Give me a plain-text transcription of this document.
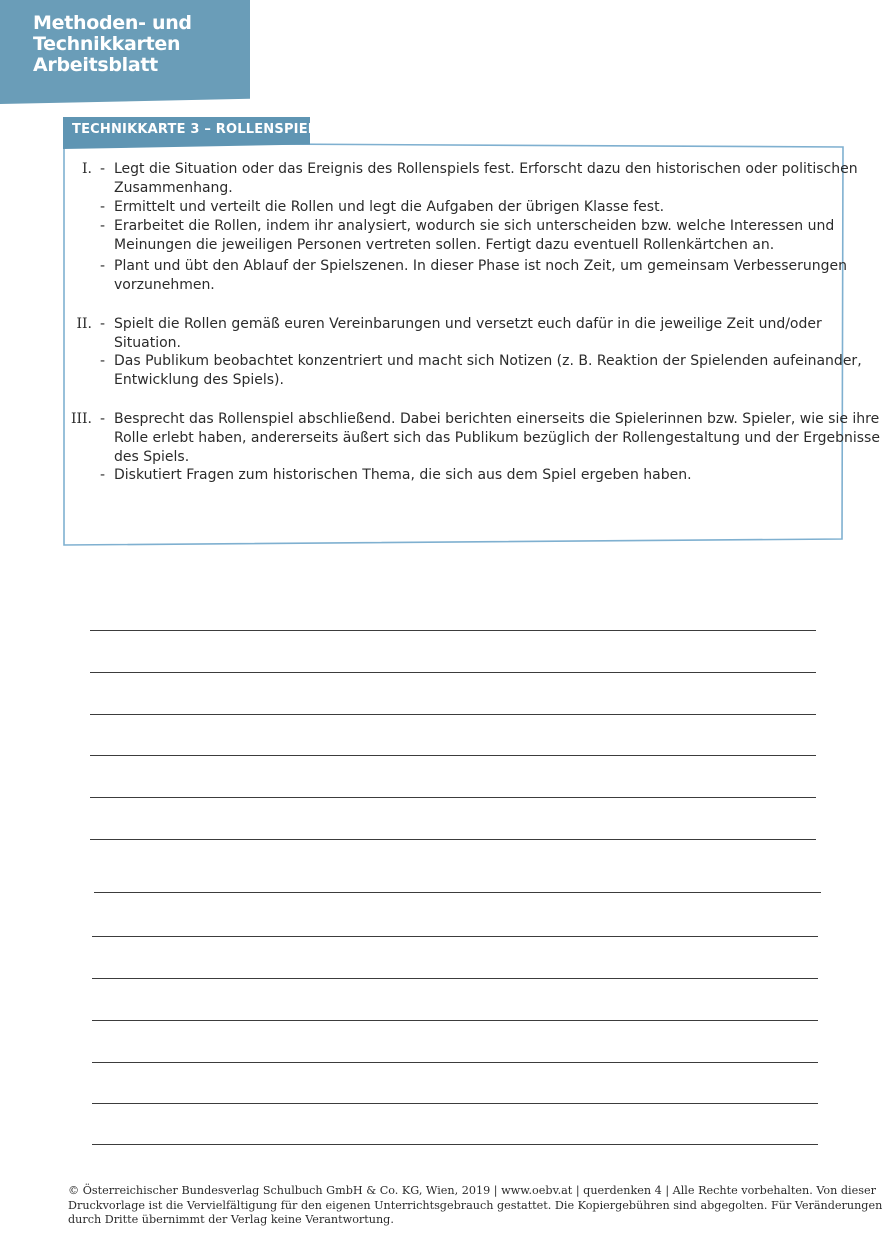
Methoden- und
Technikkarten
Arbeitsblatt
TECHNIKKARTE 3 – ROLLENSPIEL
I. - Legt die Situation oder das Ereignis des Rollenspiels fest. Erforscht dazu den historischen oder politischen
Zusammenhang.
- Ermittelt und verteilt die Rollen und legt die Aufgaben der übrigen Klasse fest.
- Erarbeitet die Rollen, indem ihr analysiert, wodurch sie sich unterscheiden bzw. welche Interessen und
Meinungen die jeweiligen Personen vertreten sollen. Fertigt dazu eventuell Rollenkärtchen an.
- Plant und übt den Ablauf der Spielszenen. In dieser Phase ist noch Zeit, um gemeinsam Verbesserungen
vorzunehmen.
II. - Spielt die Rollen gemäß euren Vereinbarungen und versetzt euch dafür in die jeweilige Zeit und/oder
Situation.
- Das Publikum beobachtet konzentriert und macht sich Notizen (z. B. Reaktion der Spielenden aufeinander,
Entwicklung des Spiels).
III. - Besprecht das Rollenspiel abschließend. Dabei berichten einerseits die Spielerinnen bzw. Spieler, wie sie ihre
Rolle erlebt haben, andererseits äußert sich das Publikum bezüglich der Rollengestaltung und der Ergebnisse
des Spiels.
- Diskutiert Fragen zum historischen Thema, die sich aus dem Spiel ergeben haben.
© Österreichischer Bundesverlag Schulbuch GmbH & Co. KG, Wien, 2019 | www.oebv.at | querdenken 4 | Alle Rechte vorbehalten. Von dieser
Druckvorlage ist die Vervielfältigung für den eigenen Unterrichtsgebrauch gestattet. Die Kopiergebühren sind abgegolten. Für Veränderungen
durch Dritte übernimmt der Verlag keine Verantwortung.
